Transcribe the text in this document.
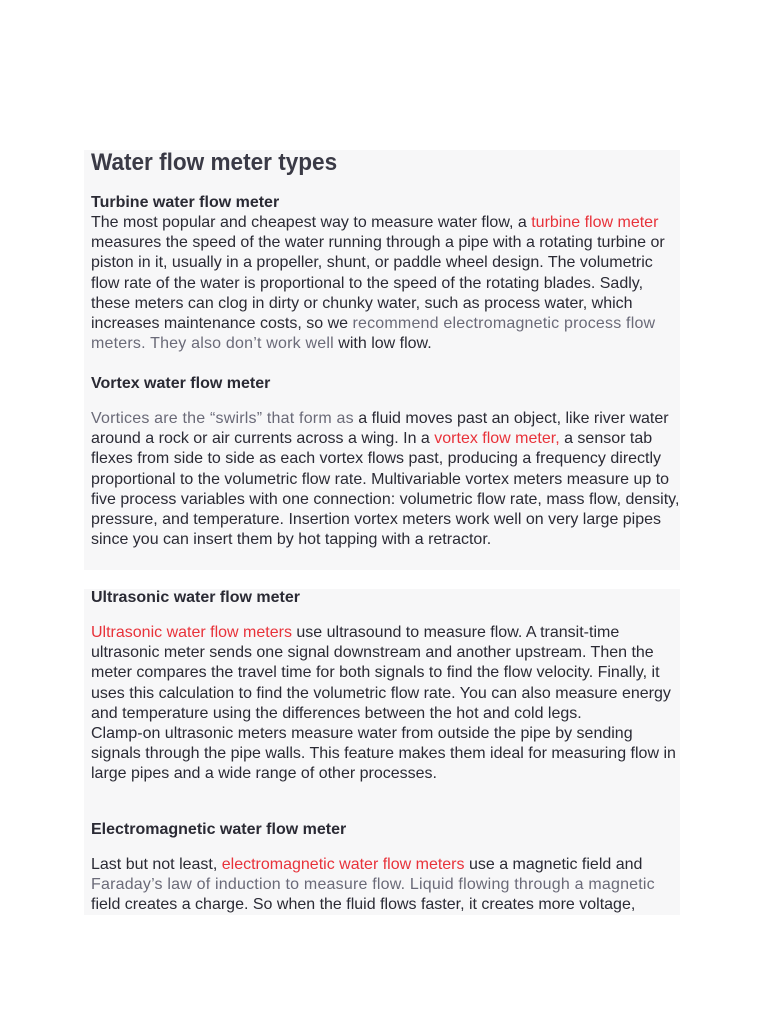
Water flow meter types
Turbine water flow meter

The most popular and cheapest way to measure water flow, a turbine flow meter measures the speed of the water running through a pipe with a rotating turbine or piston in it, usually in a propeller, shunt, or paddle wheel design. The volumetric flow rate of the water is proportional to the speed of the rotating blades. Sadly, these meters can clog in dirty or chunky water, such as process water, which increases maintenance costs, so we recommend electromagnetic process flow meters. They also don’t work well with low flow.

Vortex water flow meter

Vortices are the “swirls” that form as a fluid moves past an object, like river water around a rock or air currents across a wing. In a vortex flow meter, a sensor tab flexes from side to side as each vortex flows past, producing a frequency directly proportional to the volumetric flow rate. Multivariable vortex meters measure up to five process variables with one connection: volumetric flow rate, mass flow, density, pressure, and temperature. Insertion vortex meters work well on very large pipes since you can insert them by hot tapping with a retractor.

Ultrasonic water flow meter

Ultrasonic water flow meters use ultrasound to measure flow. A transit-time ultrasonic meter sends one signal downstream and another upstream. Then the meter compares the travel time for both signals to find the flow velocity. Finally, it uses this calculation to find the volumetric flow rate. You can also measure energy and temperature using the differences between the hot and cold legs.

Clamp-on ultrasonic meters measure water from outside the pipe by sending signals through the pipe walls. This feature makes them ideal for measuring flow in large pipes and a wide range of other processes.

Electromagnetic water flow meter

Last but not least, electromagnetic water flow meters use a magnetic field and Faraday’s law of induction to measure flow. Liquid flowing through a magnetic field creates a charge. So when the fluid flows faster, it creates more voltage,
